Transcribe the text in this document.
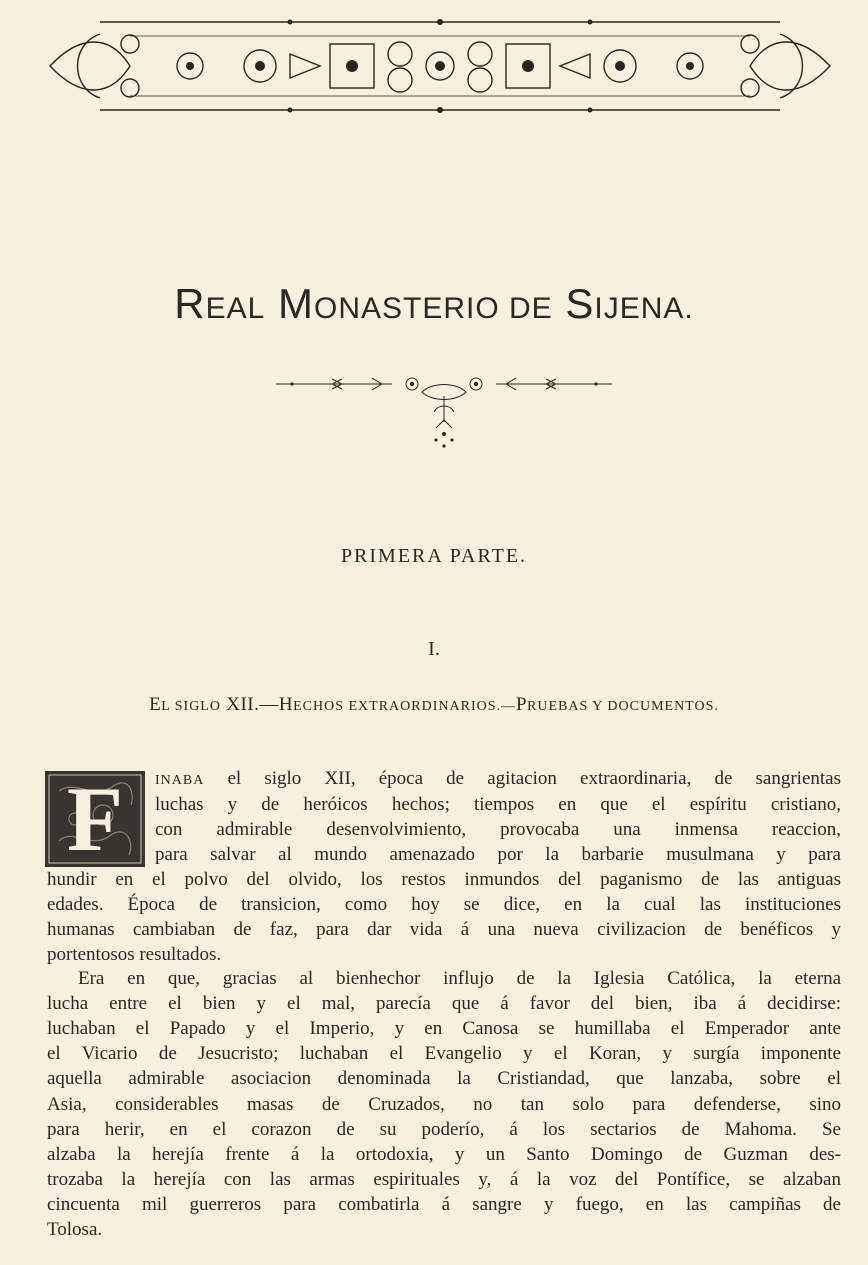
REAL MONASTERIO DE SIJENA.
PRIMERA PARTE.
I.
EL SIGLO XII.—HECHOS EXTRAORDINARIOS.—PRUEBAS Y DOCUMENTOS.
F	INABA el siglo XII, época de agitacion extraordinaria, de sangrientas
luchas y de heróicos hechos; tiempos en que el espíritu cristiano,
con admirable desenvolvimiento, provocaba una inmensa reaccion,
para salvar al mundo amenazado por la barbarie musulmana y para
hundir en el polvo del olvido, los restos inmundos del paganismo de las antiguas
edades. Época de transicion, como hoy se dice, en la cual las instituciones
humanas cambiaban de faz, para dar vida á una nueva civilizacion de benéficos y
portentosos resultados.
Era en que, gracias al bienhechor influjo de la Iglesia Católica, la eterna
lucha entre el bien y el mal, parecía que á favor del bien, iba á decidirse:
luchaban el Papado y el Imperio, y en Canosa se humillaba el Emperador ante
el Vicario de Jesucristo; luchaban el Evangelio y el Koran, y surgía imponente
aquella admirable asociacion denominada la Cristiandad, que lanzaba, sobre el
Asia, considerables masas de Cruzados, no tan solo para defenderse, sino
para herir, en el corazon de su poderío, á los sectarios de Mahoma. Se
alzaba la herejía frente á la ortodoxia, y un Santo Domingo de Guzman des-
trozaba la herejía con las armas espirituales y, á la voz del Pontífice, se alzaban
cincuenta mil guerreros para combatirla á sangre y fuego, en las campiñas de
Tolosa.
